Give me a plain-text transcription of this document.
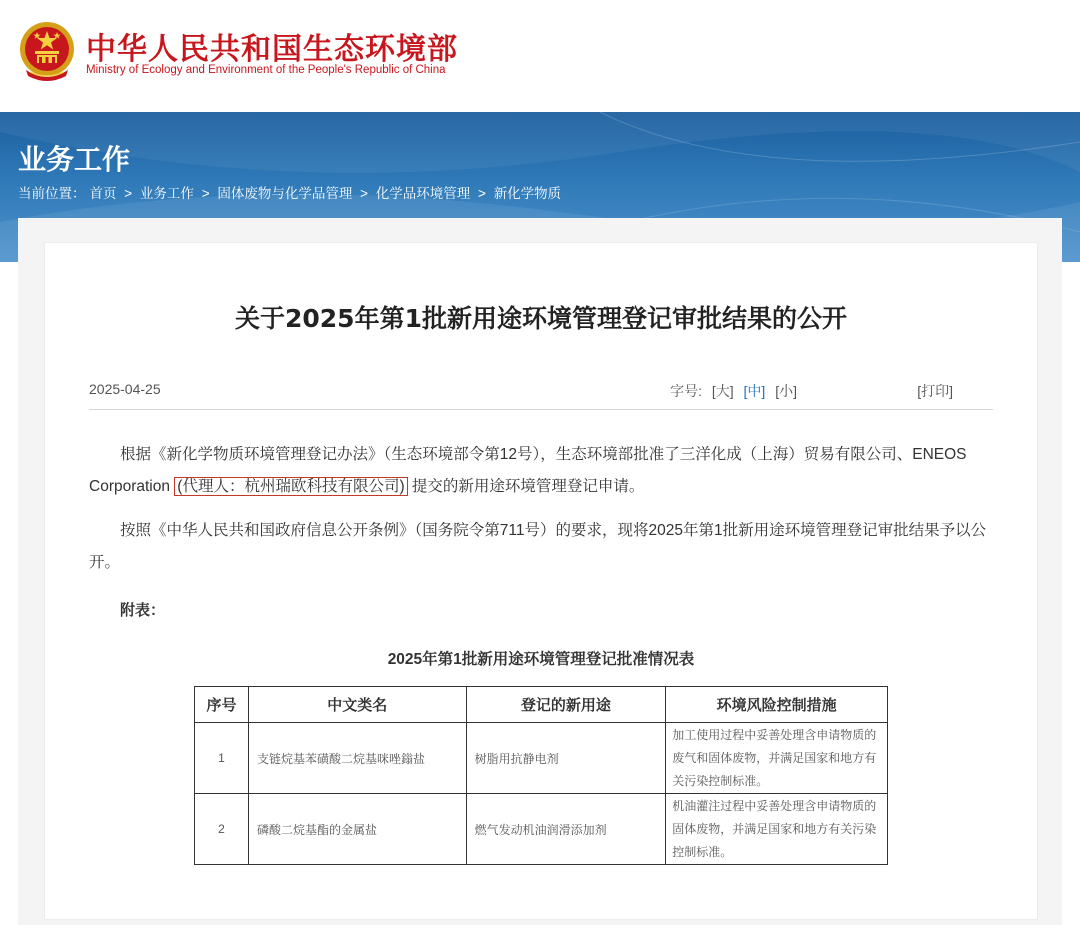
中华人民共和国生态环境部
Ministry of Ecology and Environment of the People's Republic of China
业务工作
当前位置： 首页 > 业务工作 > 固体废物与化学品管理 > 化学品环境管理 > 新化学物质
关于2025年第1批新用途环境管理登记审批结果的公开
2025-04-25	字号: [大] [中] [小]	[打印]
根据《新化学物质环境管理登记办法》（生态环境部令第12号），生态环境部批准了三洋化成（上海）贸易有限公司、ENEOS Corporation (代理人：杭州瑞欧科技有限公司) 提交的新用途环境管理登记申请。
按照《中华人民共和国政府信息公开条例》（国务院令第711号）的要求，现将2025年第1批新用途环境管理登记审批结果予以公开。
附表：
2025年第1批新用途环境管理登记批准情况表
序号	中文类名	登记的新用途	环境风险控制措施
1	支链烷基苯磺酸二烷基咪唑鎓盐	树脂用抗静电剂	加工使用过程中妥善处理含申请物质的废气和固体废物，并满足国家和地方有关污染控制标准。
2	磷酸二烷基酯的金属盐	燃气发动机油润滑添加剂	机油灌注过程中妥善处理含申请物质的固体废物，并满足国家和地方有关污染控制标准。
